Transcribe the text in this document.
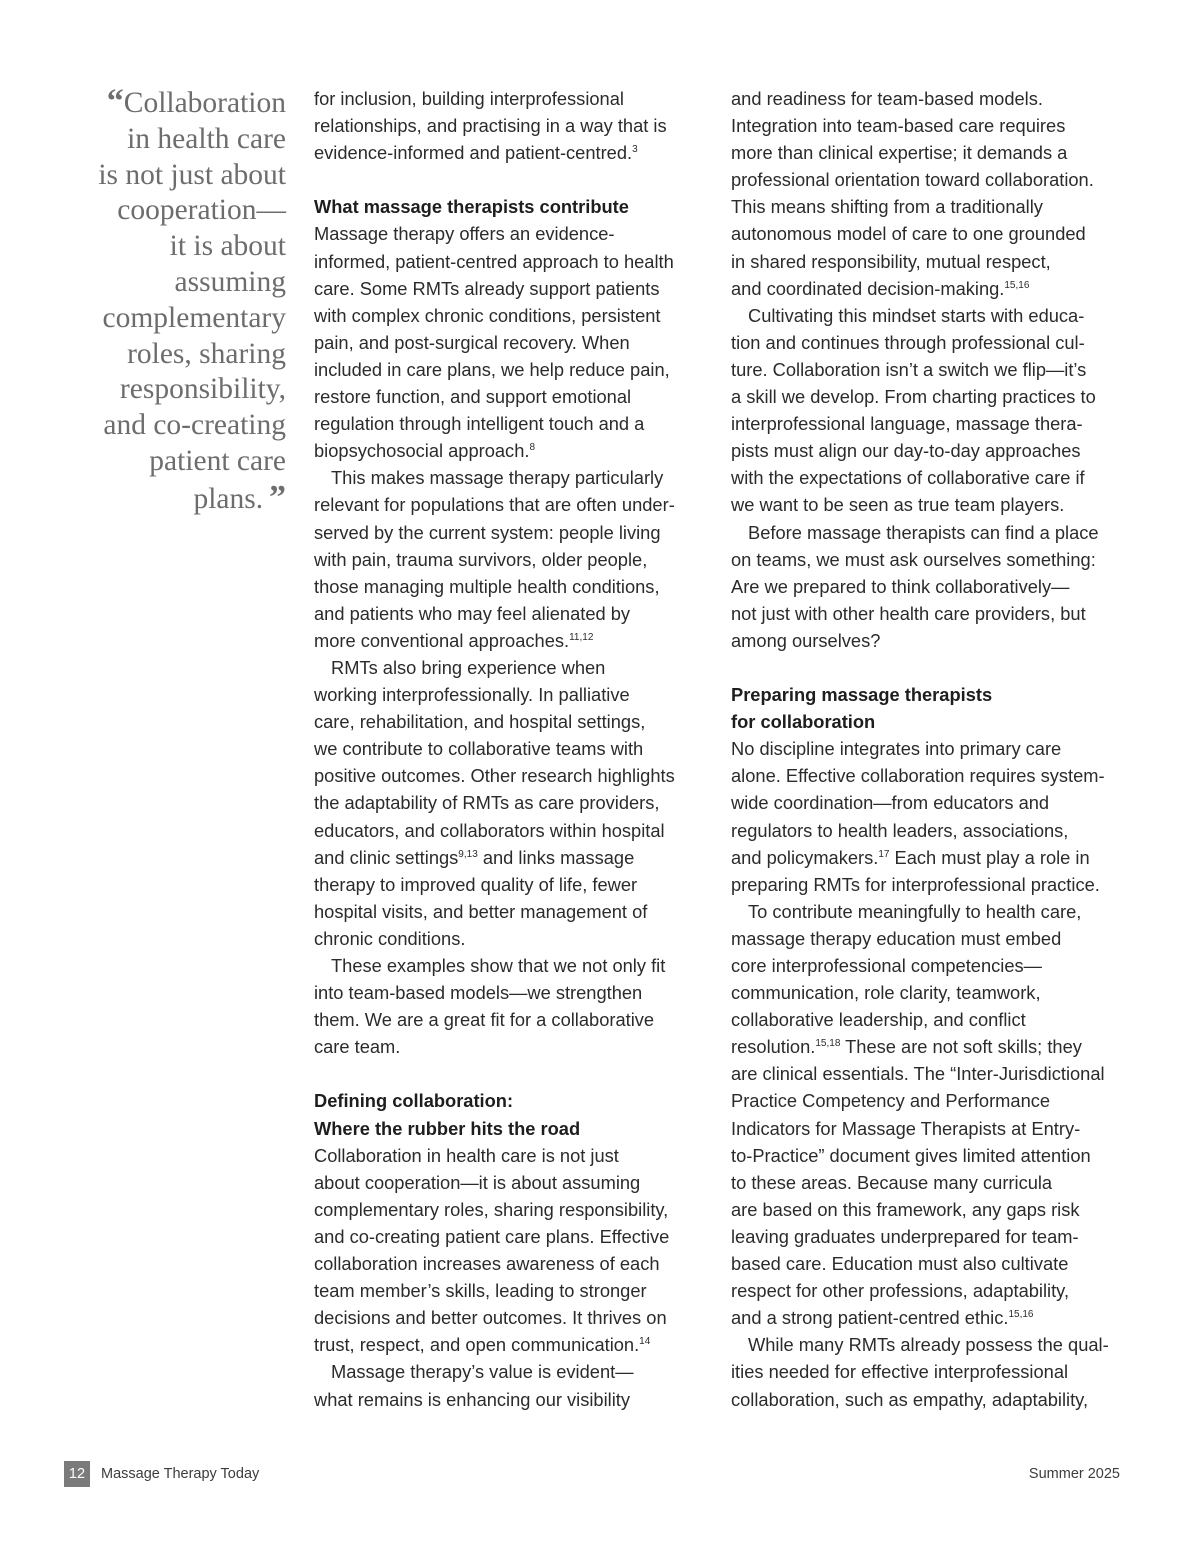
“Collaboration
in health care
is not just about
cooperation—
it is about
assuming
complementary
roles, sharing
responsibility,
and co-creating
patient care
plans.  ”
for inclusion, building interprofessional
relationships, and practising in a way that is
evidence-informed and patient-centred.$^3$
What massage therapists contribute
Massage therapy offers an evidence-
informed, patient-centred approach to health
care. Some RMTs already support patients
with complex chronic conditions, persistent
pain, and post-surgical recovery. When
included in care plans, we help reduce pain,
restore function, and support emotional
regulation through intelligent touch and a
biopsychosocial approach.$^8$
This makes massage therapy particularly
relevant for populations that are often under-
served by the current system: people living
with pain, trauma survivors, older people,
those managing multiple health conditions,
and patients who may feel alienated by
more conventional approaches.$^{11,12}$
RMTs also bring experience when
working interprofessionally. In palliative
care, rehabilitation, and hospital settings,
we contribute to collaborative teams with
positive outcomes. Other research highlights
the adaptability of RMTs as care providers,
educators, and collaborators within hospital
and clinic settings$^{9,13}$ and links massage
therapy to improved quality of life, fewer
hospital visits, and better management of
chronic conditions.
These examples show that we not only fit
into team-based models—we strengthen
them. We are a great fit for a collaborative
care team.
Defining collaboration:
Where the rubber hits the road
Collaboration in health care is not just
about cooperation—it is about assuming
complementary roles, sharing responsibility,
and co-creating patient care plans. Effective
collaboration increases awareness of each
team member’s skills, leading to stronger
decisions and better outcomes. It thrives on
trust, respect, and open communication.$^{14}$
Massage therapy’s value is evident—
what remains is enhancing our visibility
and readiness for team-based models.
Integration into team-based care requires
more than clinical expertise; it demands a
professional orientation toward collaboration.
This means shifting from a traditionally
autonomous model of care to one grounded
in shared responsibility, mutual respect,
and coordinated decision-making.$^{15,16}$
Cultivating this mindset starts with educa-
tion and continues through professional cul-
ture. Collaboration isn’t a switch we flip—it’s
a skill we develop. From charting practices to
interprofessional language, massage thera-
pists must align our day-to-day approaches
with the expectations of collaborative care if
we want to be seen as true team players.
Before massage therapists can find a place
on teams, we must ask ourselves something:
Are we prepared to think collaboratively—
not just with other health care providers, but
among ourselves?
Preparing massage therapists
for collaboration
No discipline integrates into primary care
alone. Effective collaboration requires system-
wide coordination—from educators and
regulators to health leaders, associations,
and policymakers.$^{17}$ Each must play a role in
preparing RMTs for interprofessional practice.
To contribute meaningfully to health care,
massage therapy education must embed
core interprofessional competencies—
communication, role clarity, teamwork,
collaborative leadership, and conflict
resolution.$^{15,18}$ These are not soft skills; they
are clinical essentials. The “Inter-Jurisdictional
Practice Competency and Performance
Indicators for Massage Therapists at Entry-
to-Practice” document gives limited attention
to these areas. Because many curricula
are based on this framework, any gaps risk
leaving graduates underprepared for team-
based care. Education must also cultivate
respect for other professions, adaptability,
and a strong patient-centred ethic.$^{15,16}$
While many RMTs already possess the qual-
ities needed for effective interprofessional
collaboration, such as empathy, adaptability,
12	Massage Therapy Today	Summer 2025
